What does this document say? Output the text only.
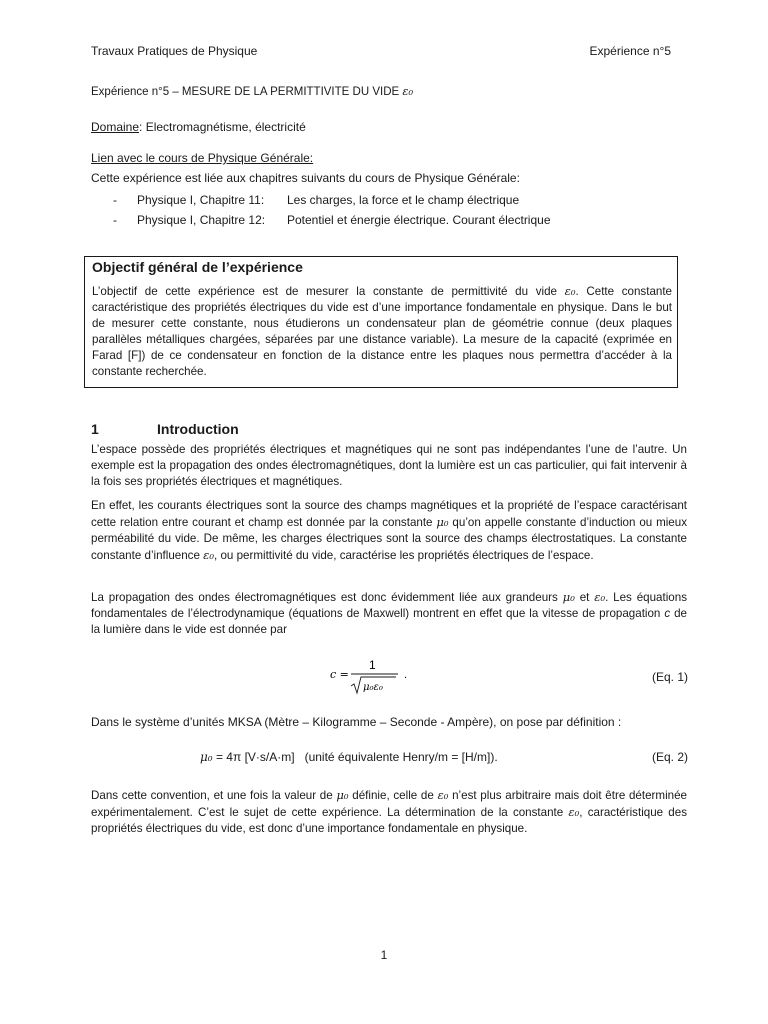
Travaux Pratiques de Physique	Expérience n°5
Expérience n°5 – MESURE DE LA PERMITTIVITE DU VIDE ε₀
Domaine: Electromagnétisme, électricité
Lien avec le cours de Physique Générale:
Cette expérience est liée aux chapitres suivants du cours de Physique Générale:
- Physique I, Chapitre 11: Les charges, la force et le champ électrique
- Physique I, Chapitre 12: Potentiel et énergie électrique. Courant électrique
Objectif général de l’expérience
L’objectif de cette expérience est de mesurer la constante de permittivité du vide ε₀. Cette constante caractéristique des propriétés électriques du vide est d’une importance fondamentale en physique. Dans le but de mesurer cette constante, nous étudierons un condensateur plan de géométrie connue (deux plaques parallèles métalliques chargées, séparées par une distance variable). La mesure de la capacité (exprimée en Farad [F]) de ce condensateur en fonction de la distance entre les plaques nous permettra d’accéder à la constante recherchée.
1	Introduction
L’espace possède des propriétés électriques et magnétiques qui ne sont pas indépendantes l’une de l’autre. Un exemple est la propagation des ondes électromagnétiques, dont la lumière est un cas particulier, qui fait intervenir à la fois ses propriétés électriques et magnétiques.
En effet, les courants électriques sont la source des champs magnétiques et la propriété de l’espace caractérisant cette relation entre courant et champ est donnée par la constante μ₀ qu’on appelle constante d’induction ou mieux perméabilité du vide. De même, les charges électriques sont la source des champs électrostatiques. La constante constante d’influence ε₀, ou permittivité du vide, caractérise les propriétés électriques de l’espace.
La propagation des ondes électromagnétiques est donc évidemment liée aux grandeurs μ₀ et ε₀. Les équations fondamentales de l’électrodynamique (équations de Maxwell) montrent en effet que la vitesse de propagation c de la lumière dans le vide est donnée par
c =
1
μ₀ε₀
.	(Eq. 1)
Dans le système d’unités MKSA (Mètre – Kilogramme – Seconde - Ampère), on pose par définition :
μ₀ = 4π [V·s/A·m]   (unité équivalente Henry/m = [H/m]).	(Eq. 2)
Dans cette convention, et une fois la valeur de μ₀ définie, celle de ε₀ n’est plus arbitraire mais doit être déterminée expérimentalement. C’est le sujet de cette expérience. La détermination de la constante ε₀, caractéristique des propriétés électriques du vide, est donc d’une importance fondamentale en physique.
1
